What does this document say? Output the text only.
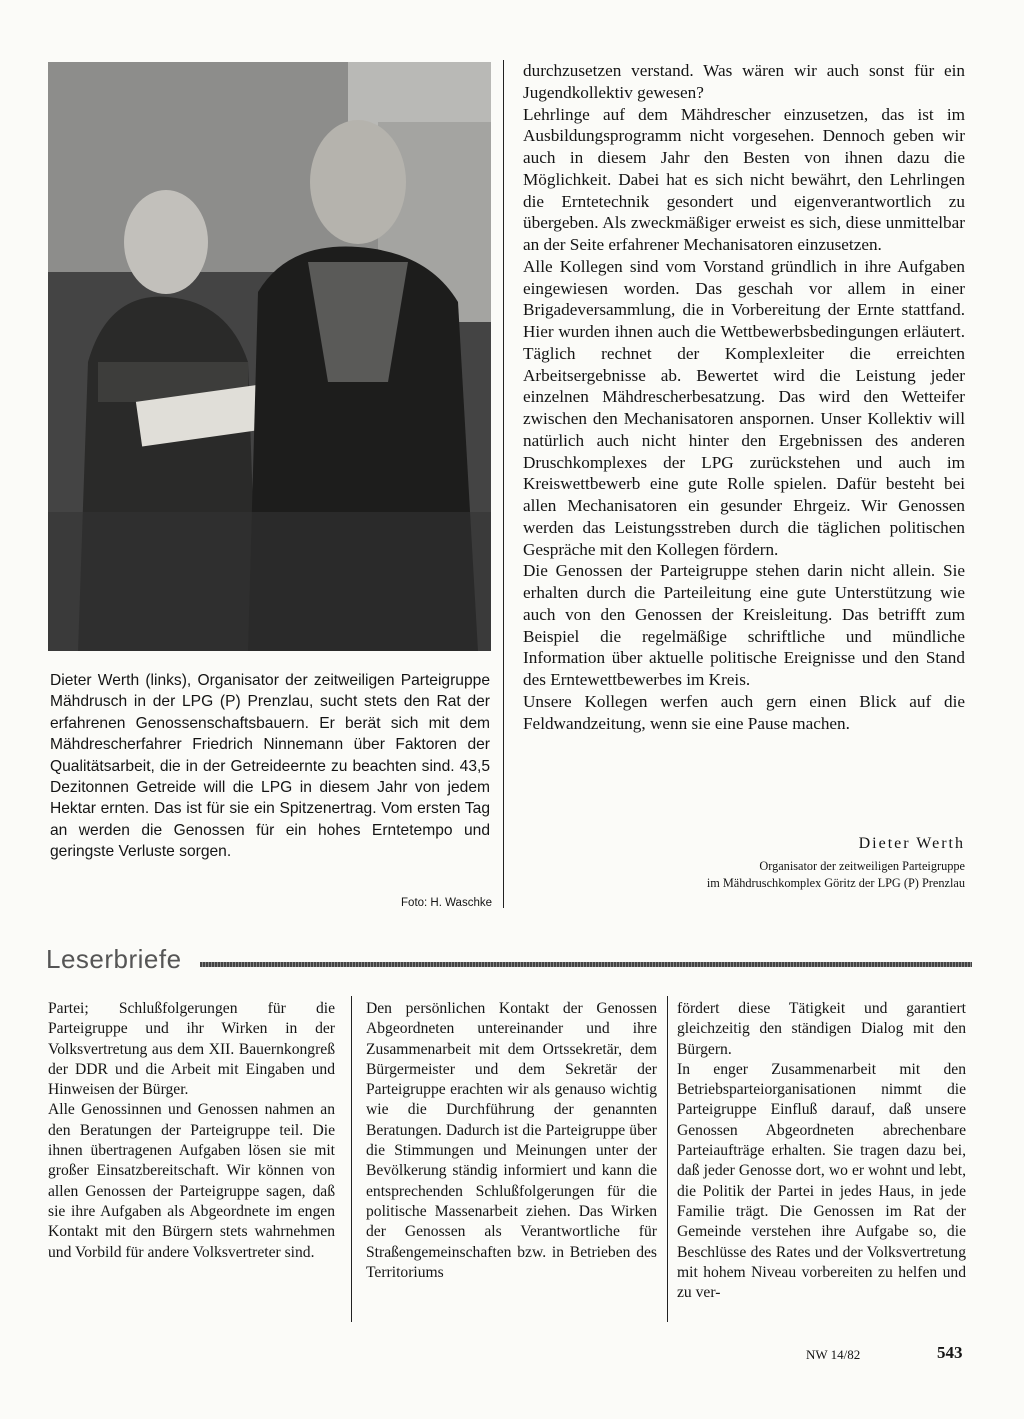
Dieter Werth (links), Organisator der zeitweiligen Parteigruppe Mähdrusch in der LPG (P) Prenzlau, sucht stets den Rat der erfahrenen Genossenschaftsbauern. Er berät sich mit dem Mähdrescherfahrer Friedrich Ninnemann über Faktoren der Qualitätsarbeit, die in der Getreideernte zu beachten sind. 43,5 Dezitonnen Getreide will die LPG in diesem Jahr von jedem Hektar ernten. Das ist für sie ein Spitzenertrag. Vom ersten Tag an werden die Genossen für ein hohes Erntetempo und geringste Verluste sorgen.

Foto: H. Waschke

durchzusetzen verstand. Was wären wir auch sonst für ein Jugendkollektiv gewesen?

Lehrlinge auf dem Mähdrescher einzusetzen, das ist im Ausbildungsprogramm nicht vorgesehen. Dennoch geben wir auch in diesem Jahr den Besten von ihnen dazu die Möglichkeit. Dabei hat es sich nicht bewährt, den Lehrlingen die Erntetechnik gesondert und eigenverantwortlich zu übergeben. Als zweckmäßiger erweist es sich, diese unmittelbar an der Seite erfahrener Mechanisatoren einzusetzen.

Alle Kollegen sind vom Vorstand gründlich in ihre Aufgaben eingewiesen worden. Das geschah vor allem in einer Brigadeversammlung, die in Vorbereitung der Ernte stattfand. Hier wurden ihnen auch die Wettbewerbsbedingungen erläutert. Täglich rechnet der Komplexleiter die erreichten Arbeitsergebnisse ab. Bewertet wird die Leistung jeder einzelnen Mähdrescherbesatzung. Das wird den Wetteifer zwischen den Mechanisatoren anspornen. Unser Kollektiv will natürlich auch nicht hinter den Ergebnissen des anderen Druschkomplexes der LPG zurückstehen und auch im Kreiswettbewerb eine gute Rolle spielen. Dafür besteht bei allen Mechanisatoren ein gesunder Ehrgeiz. Wir Genossen werden das Leistungsstreben durch die täglichen politischen Gespräche mit den Kollegen fördern.

Die Genossen der Parteigruppe stehen darin nicht allein. Sie erhalten durch die Parteileitung eine gute Unterstützung wie auch von den Genossen der Kreisleitung. Das betrifft zum Beispiel die regelmäßige schriftliche und mündliche Information über aktuelle politische Ereignisse und den Stand des Erntewettbewerbes im Kreis.

Unsere Kollegen werfen auch gern einen Blick auf die Feldwandzeitung, wenn sie eine Pause machen.

Dieter Werth
Organisator der zeitweiligen Parteigruppe
im Mähdruschkomplex Göritz der LPG (P) Prenzlau
Leserbriefe

Partei; Schlußfolgerungen für die Parteigruppe und ihr Wirken in der Volksvertretung aus dem XII. Bauernkongreß der DDR und die Arbeit mit Eingaben und Hinweisen der Bürger.

Alle Genossinnen und Genossen nahmen an den Beratungen der Parteigruppe teil. Die ihnen übertragenen Aufgaben lösen sie mit großer Einsatzbereitschaft. Wir können von allen Genossen der Parteigruppe sagen, daß sie ihre Aufgaben als Abgeordnete im engen Kontakt mit den Bürgern stets wahrnehmen und Vorbild für andere Volksvertreter sind.

Den persönlichen Kontakt der Genossen Abgeordneten untereinander und ihre Zusammenarbeit mit dem Ortssekretär, dem Bürgermeister und dem Sekretär der Parteigruppe erachten wir als genauso wichtig wie die Durchführung der genannten Beratungen. Dadurch ist die Parteigruppe über die Stimmungen und Meinungen unter der Bevölkerung ständig informiert und kann die entsprechenden Schlußfolgerungen für die politische Massenarbeit ziehen. Das Wirken der Genossen als Verantwortliche für Straßengemeinschaften bzw. in Betrieben des Territoriums

fördert diese Tätigkeit und garantiert gleichzeitig den ständigen Dialog mit den Bürgern.

In enger Zusammenarbeit mit den Betriebsparteiorganisationen nimmt die Parteigruppe Einfluß darauf, daß unsere Genossen Abgeordneten abrechenbare Parteiaufträge erhalten. Sie tragen dazu bei, daß jeder Genosse dort, wo er wohnt und lebt, die Politik der Partei in jedes Haus, in jede Familie trägt. Die Genossen im Rat der Gemeinde verstehen ihre Aufgabe so, die Beschlüsse des Rates und der Volksvertretung mit hohem Niveau vorbereiten zu helfen und zu ver-

NW 14/82	543
